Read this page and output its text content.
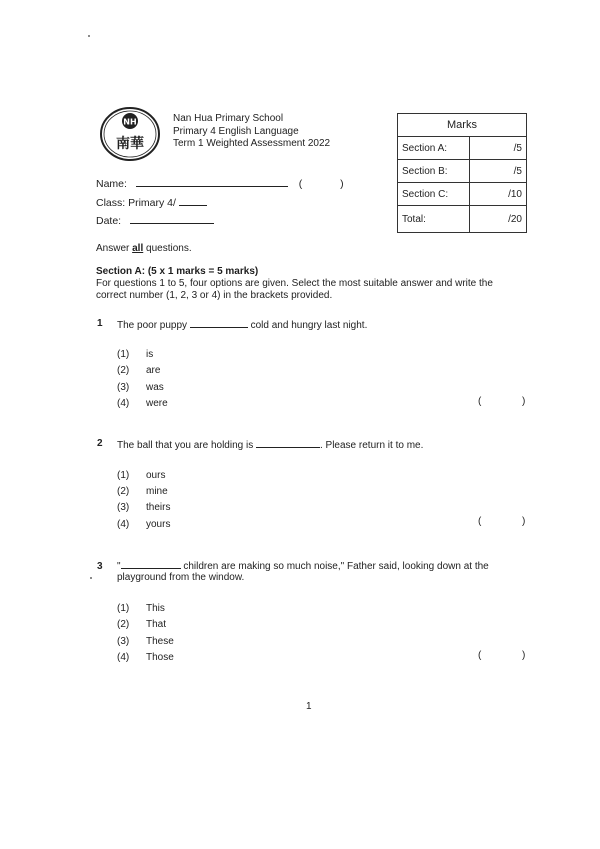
NH
南華
Nan Hua Primary School
Primary 4 English Language
Term 1 Weighted Assessment 2022
Marks	
Section A:	/5
Section B:	/5
Section C:	/10
Total:	/20
Name:	(	)
Class: Primary 4/
Date:
Answer all questions.
Section A: (5 x 1 marks = 5 marks)
For questions 1 to 5, four options are given. Select the most suitable answer and write the
correct number (1, 2, 3 or 4) in the brackets provided.
1 The poor puppy	cold and hungry last night.
(1) is
(2) are
(3) was
(4) were	(	)
2 The ball that you are holding is	. Please return it to me.
(1) ours
(2) mine
(3) theirs
(4) yours	(	)
3 "	children are making so much noise," Father said, looking down at the
playground from the window.
(1) This
(2) That
(3) These
(4) Those	(	)
1
